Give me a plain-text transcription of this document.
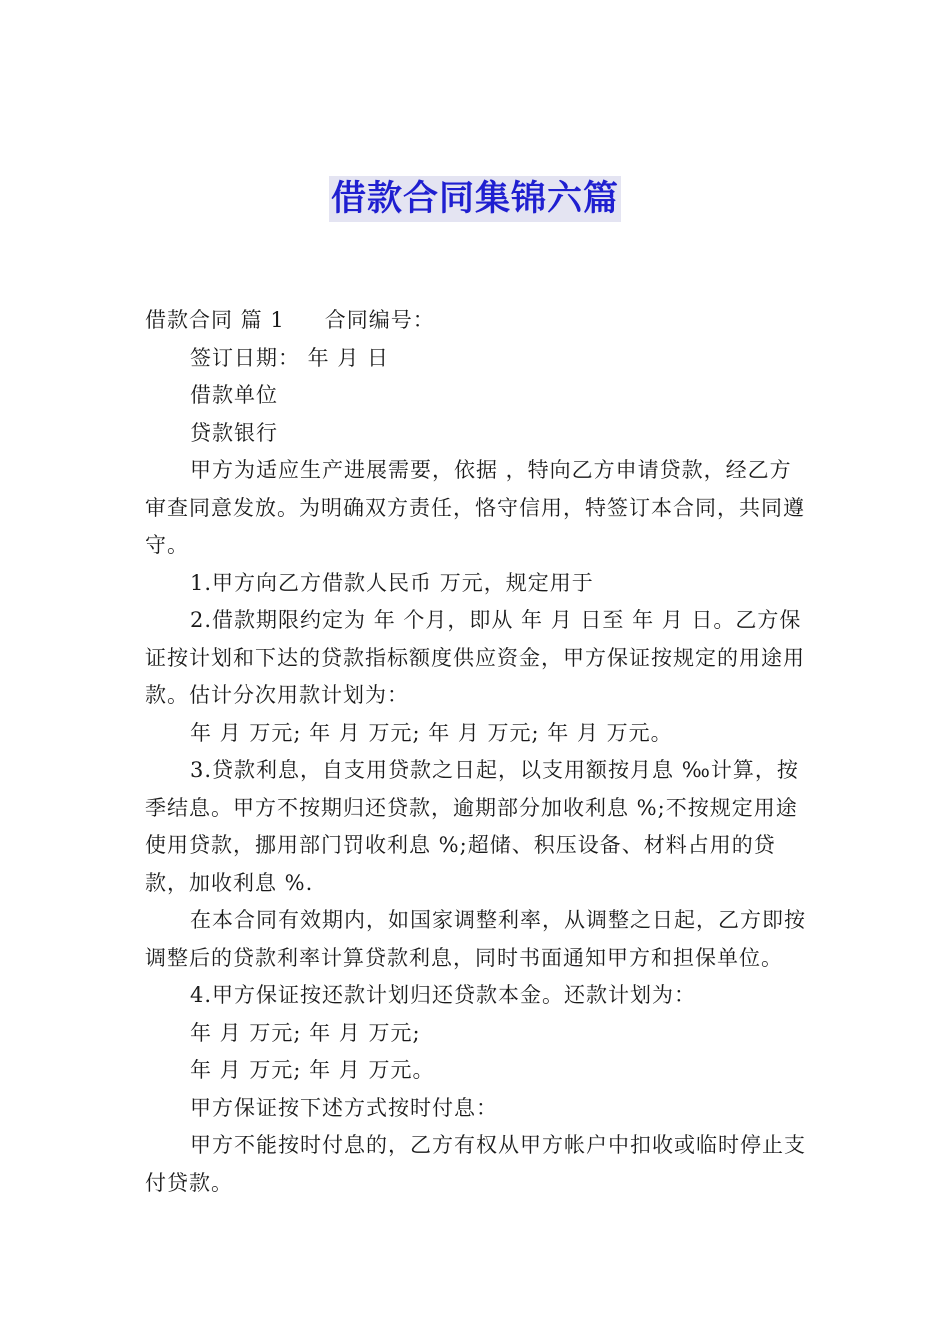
借款合同集锦六篇

借款合同 篇 1 合同编号：

签订日期： 年 月 日

借款单位

贷款银行

甲方为适应生产进展需要，依据 ，特向乙方申请贷款，经乙方审查同意发放。为明确双方责任，恪守信用，特签订本合同，共同遵守。

1.甲方向乙方借款人民币 万元，规定用于

2.借款期限约定为 年 个月，即从 年 月 日至 年 月 日。乙方保证按计划和下达的贷款指标额度供应资金，甲方保证按规定的用途用款。估计分次用款计划为：

年 月 万元; 年 月 万元; 年 月 万元; 年 月 万元。

3.贷款利息，自支用贷款之日起，以支用额按月息 ‰计算，按季结息。甲方不按期归还贷款，逾期部分加收利息 %;不按规定用途使用贷款，挪用部门罚收利息 %;超储、积压设备、材料占用的贷款，加收利息 %.

在本合同有效期内，如国家调整利率，从调整之日起，乙方即按调整后的贷款利率计算贷款利息，同时书面通知甲方和担保单位。

4.甲方保证按还款计划归还贷款本金。还款计划为：

年 月 万元; 年 月 万元;

年 月 万元; 年 月 万元。

甲方保证按下述方式按时付息：

甲方不能按时付息的，乙方有权从甲方帐户中扣收或临时停止支付贷款。
